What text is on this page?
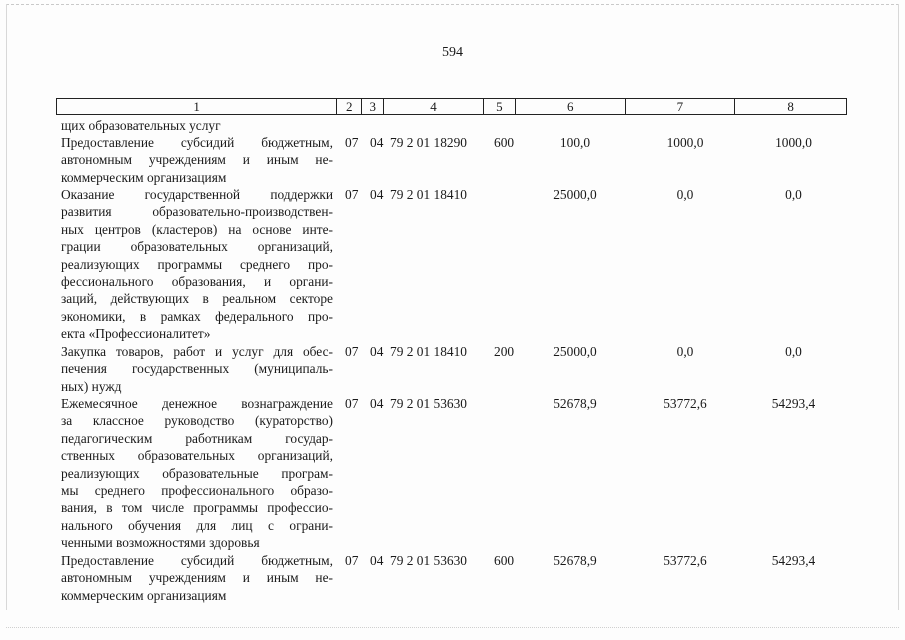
594
1	2	3	4	5	6	7	8
щих образовательных услуг
Предоставление субсидий бюджетным,
автономным учреждениям и иным не-
коммерческим организациям
07 04 79 2 01 18290 600	100,0	1000,0	1000,0
Оказание государственной поддержки
развития образовательно-производствен-
ных центров (кластеров) на основе инте-
грации образовательных организаций,
реализующих программы среднего про-
фессионального образования, и органи-
заций, действующих в реальном секторе
экономики, в рамках федерального про-
екта «Профессионалитет»
07 04 79 2 01 18410	25000,0	0,0	0,0
Закупка товаров, работ и услуг для обес-
печения государственных (муниципаль-
ных) нужд
07 04 79 2 01 18410 200	25000,0	0,0	0,0
Ежемесячное денежное вознаграждение
за классное руководство (кураторство)
педагогическим работникам государ-
ственных образовательных организаций,
реализующих образовательные програм-
мы среднего профессионального образо-
вания, в том числе программы профессио-
нального обучения для лиц с ограни-
ченными возможностями здоровья
07 04 79 2 01 53630	52678,9	53772,6	54293,4
Предоставление субсидий бюджетным,
автономным учреждениям и иным не-
коммерческим организациям
07 04 79 2 01 53630 600	52678,9	53772,6	54293,4
